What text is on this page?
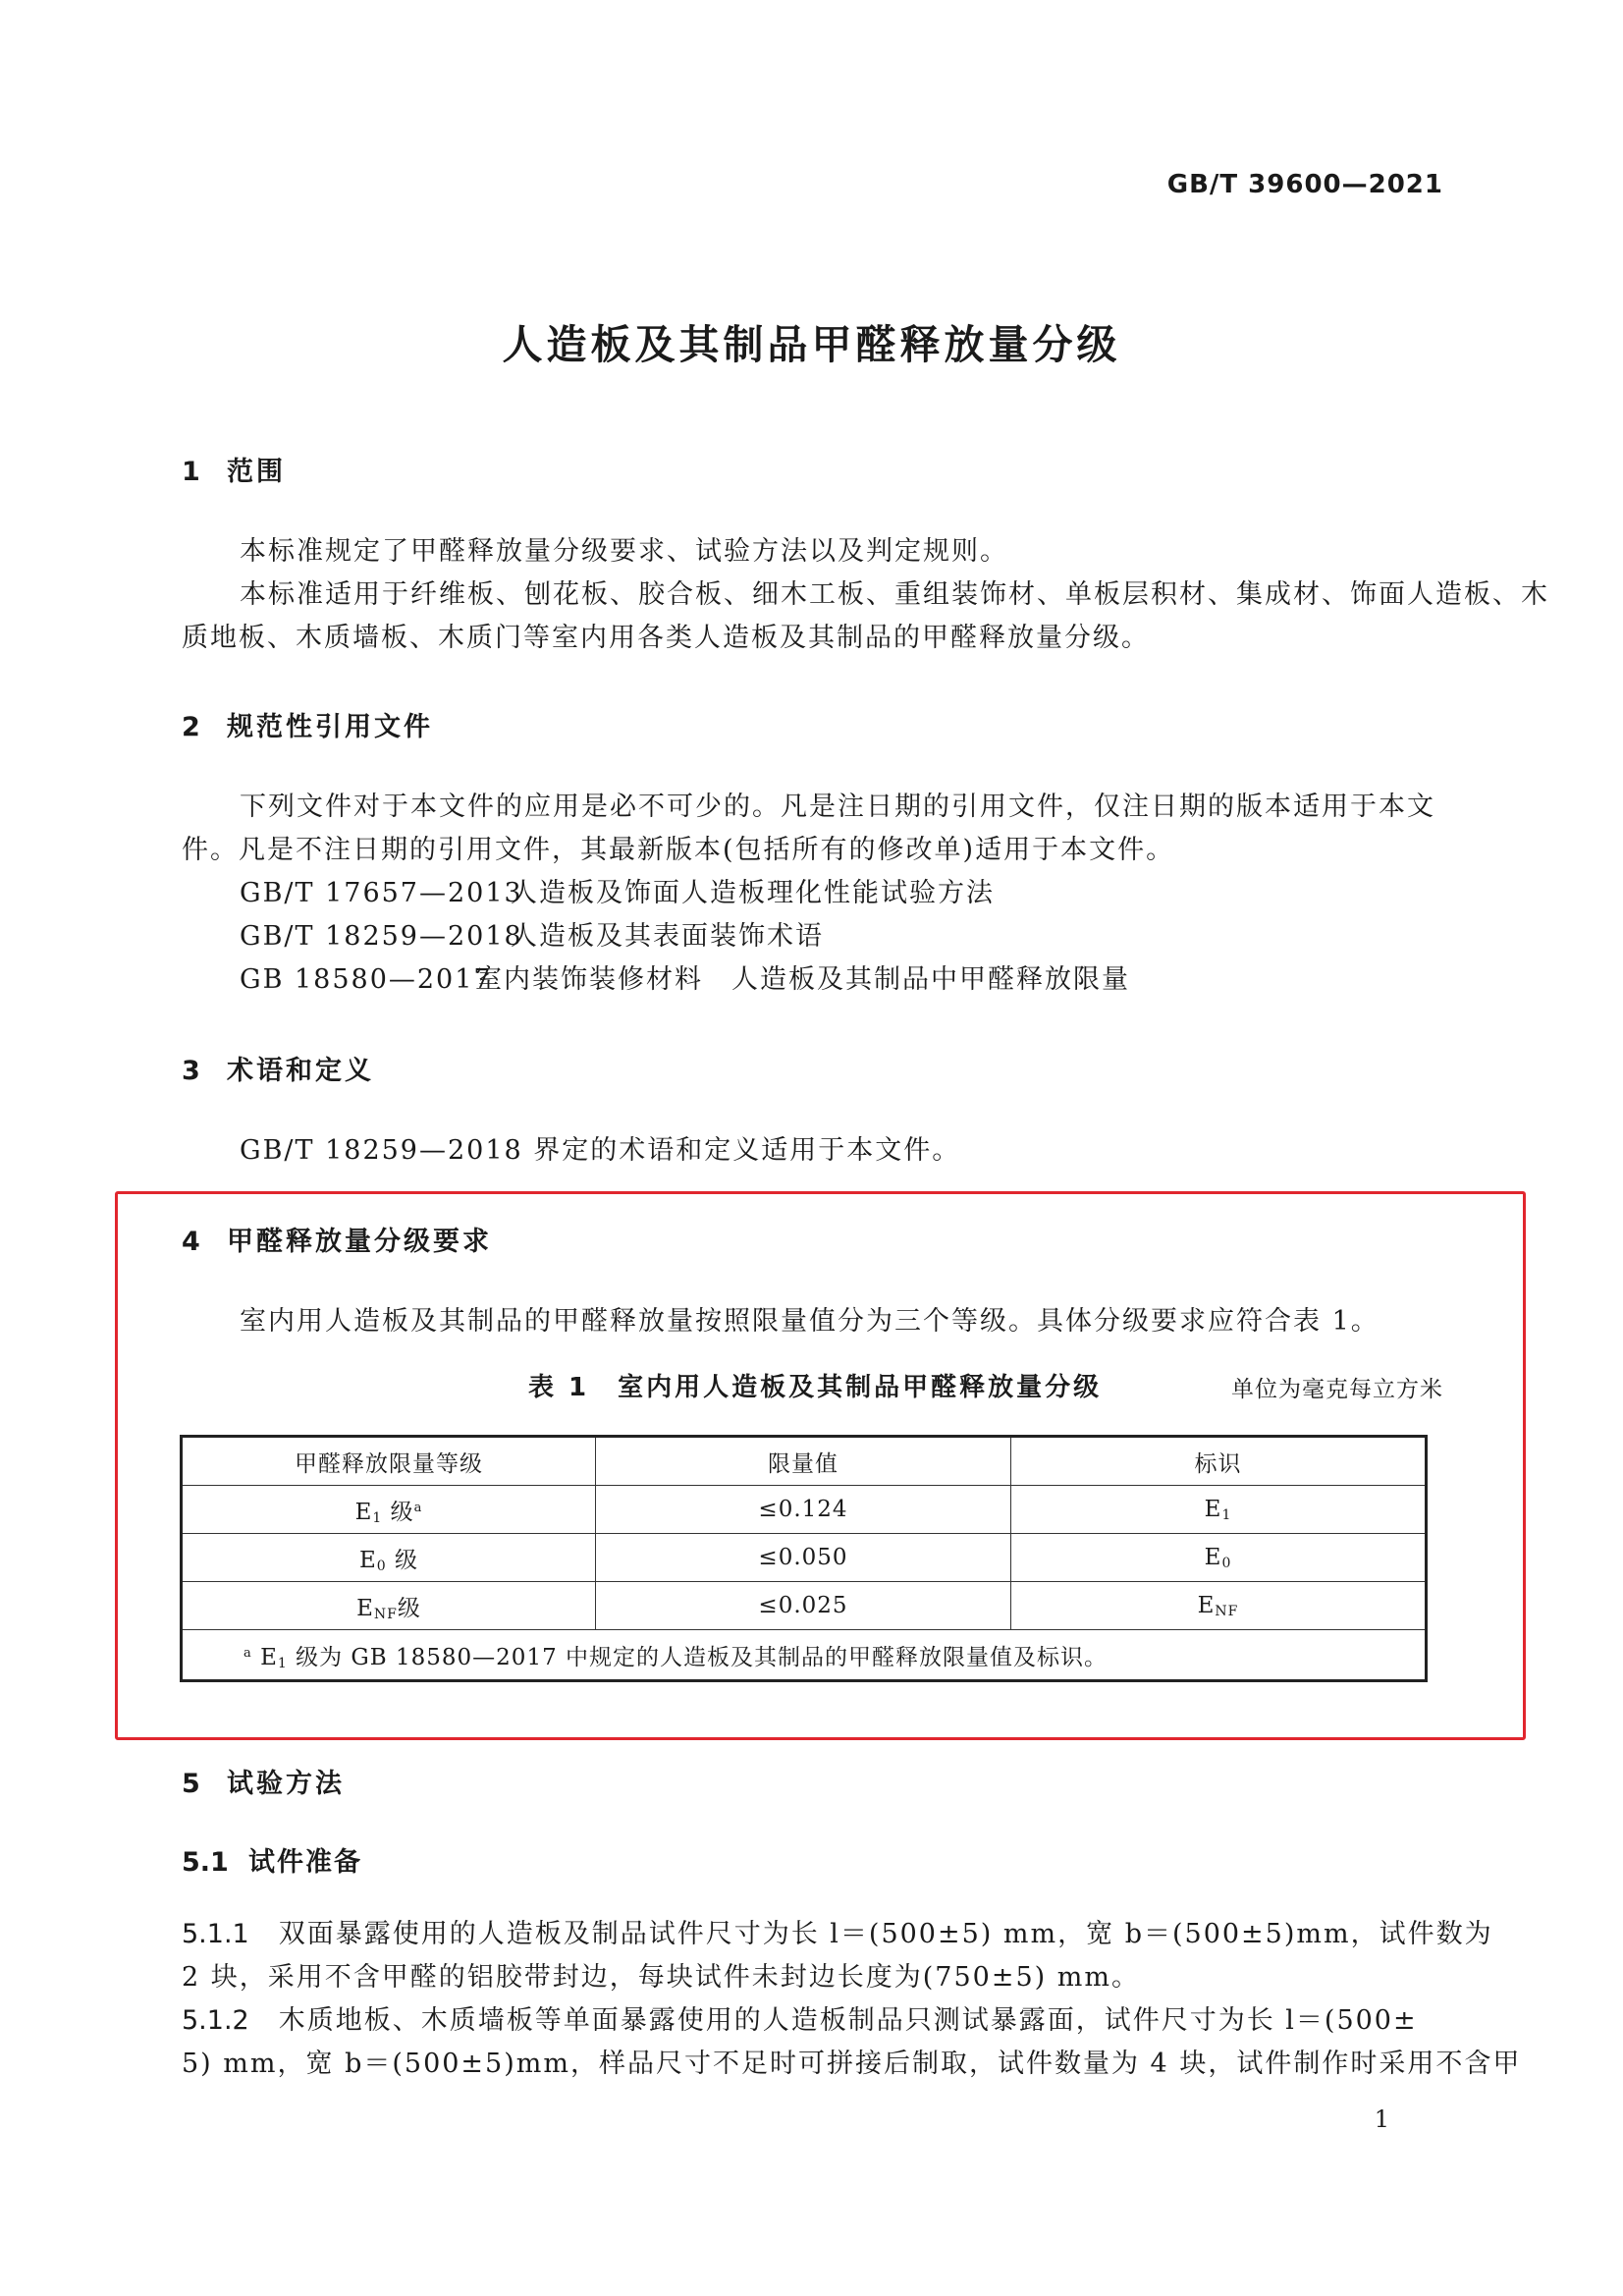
GB/T 39600—2021
人造板及其制品甲醛释放量分级
1 范围
本标准规定了甲醛释放量分级要求、试验方法以及判定规则。
本标准适用于纤维板、刨花板、胶合板、细木工板、重组装饰材、单板层积材、集成材、饰面人造板、木
质地板、木质墙板、木质门等室内用各类人造板及其制品的甲醛释放量分级。
2 规范性引用文件
下列文件对于本文件的应用是必不可少的。凡是注日期的引用文件，仅注日期的版本适用于本文
件。凡是不注日期的引用文件，其最新版本(包括所有的修改单)适用于本文件。
GB/T 17657—2013人造板及饰面人造板理化性能试验方法
GB/T 18259—2018人造板及其表面装饰术语
GB 18580—2017室内装饰装修材料　人造板及其制品中甲醛释放限量
3 术语和定义
GB/T 18259—2018 界定的术语和定义适用于本文件。
4 甲醛释放量分级要求
室内用人造板及其制品的甲醛释放量按照限量值分为三个等级。具体分级要求应符合表 1。
表 1　室内用人造板及其制品甲醛释放量分级	单位为毫克每立方米
甲醛释放限量等级	限量值	标识
$E_1$ 级$^a$	≤0.124	$E_1$
$E_0$ 级	≤0.050	$E_0$
$E_{NF}$级	≤0.025	$E_{NF}$
$^a$ $E_1$ 级为 GB 18580—2017 中规定的人造板及其制品的甲醛释放限量值及标识。		
5 试验方法
5.1 试件准备
5.1.1 双面暴露使用的人造板及制品试件尺寸为长 l＝(500±5) mm，宽 b＝(500±5)mm，试件数为
2 块，采用不含甲醛的铝胶带封边，每块试件未封边长度为(750±5) mm。
5.1.2 木质地板、木质墙板等单面暴露使用的人造板制品只测试暴露面，试件尺寸为长 l＝(500±
5) mm，宽 b＝(500±5)mm，样品尺寸不足时可拼接后制取，试件数量为 4 块，试件制作时采用不含甲
1
